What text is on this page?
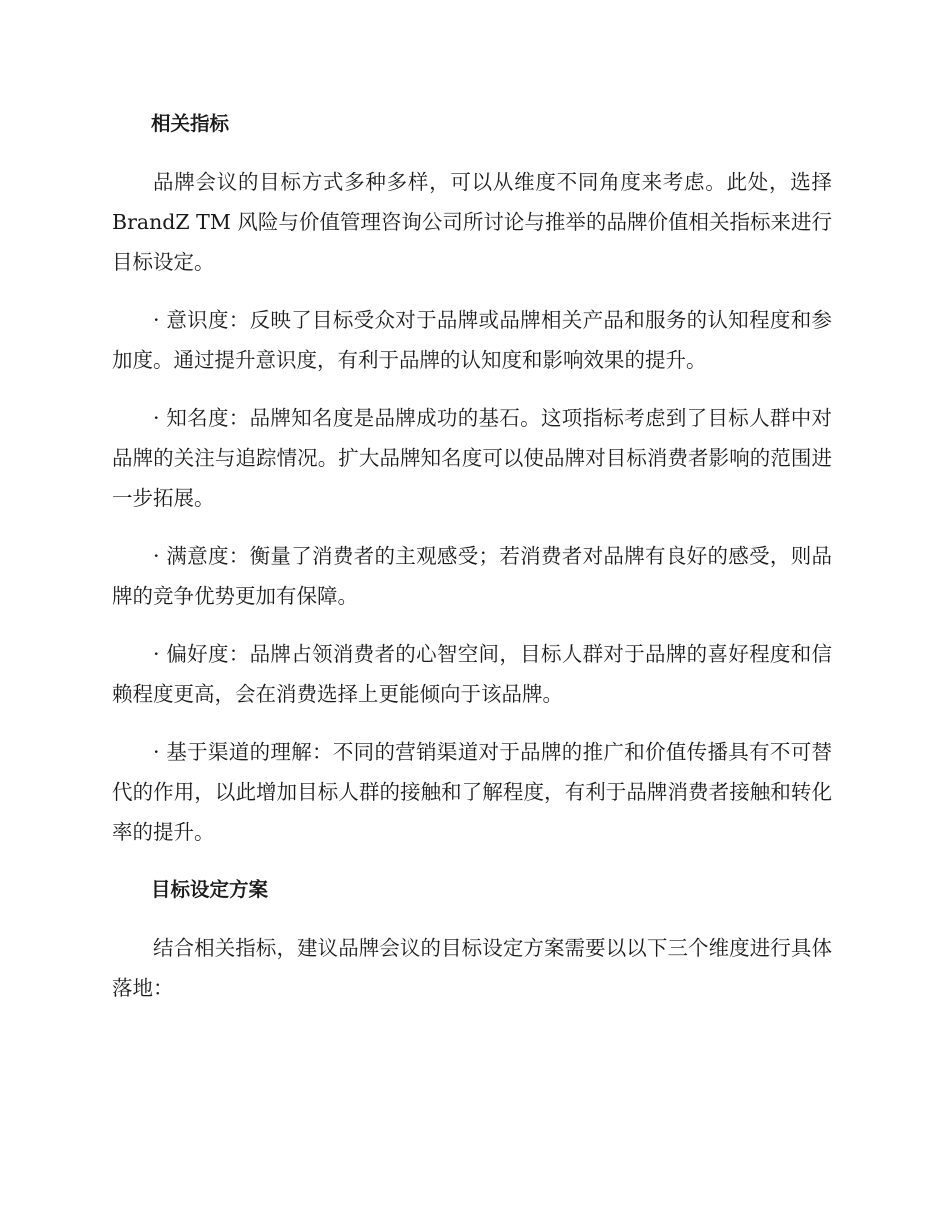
相关指标

品牌会议的目标方式多种多样，可以从维度不同角度来考虑。此处，选择 BrandZ TM 风险与价值管理咨询公司所讨论与推举的品牌价值相关指标来进行目标设定。

· 意识度：反映了目标受众对于品牌或品牌相关产品和服务的认知程度和参加度。通过提升意识度，有利于品牌的认知度和影响效果的提升。

· 知名度：品牌知名度是品牌成功的基石。这项指标考虑到了目标人群中对品牌的关注与追踪情况。扩大品牌知名度可以使品牌对目标消费者影响的范围进一步拓展。

· 满意度：衡量了消费者的主观感受；若消费者对品牌有良好的感受，则品牌的竞争优势更加有保障。

· 偏好度：品牌占领消费者的心智空间，目标人群对于品牌的喜好程度和信赖程度更高，会在消费选择上更能倾向于该品牌。

· 基于渠道的理解：不同的营销渠道对于品牌的推广和价值传播具有不可替代的作用，以此增加目标人群的接触和了解程度，有利于品牌消费者接触和转化率的提升。

目标设定方案

结合相关指标，建议品牌会议的目标设定方案需要以以下三个维度进行具体落地：
